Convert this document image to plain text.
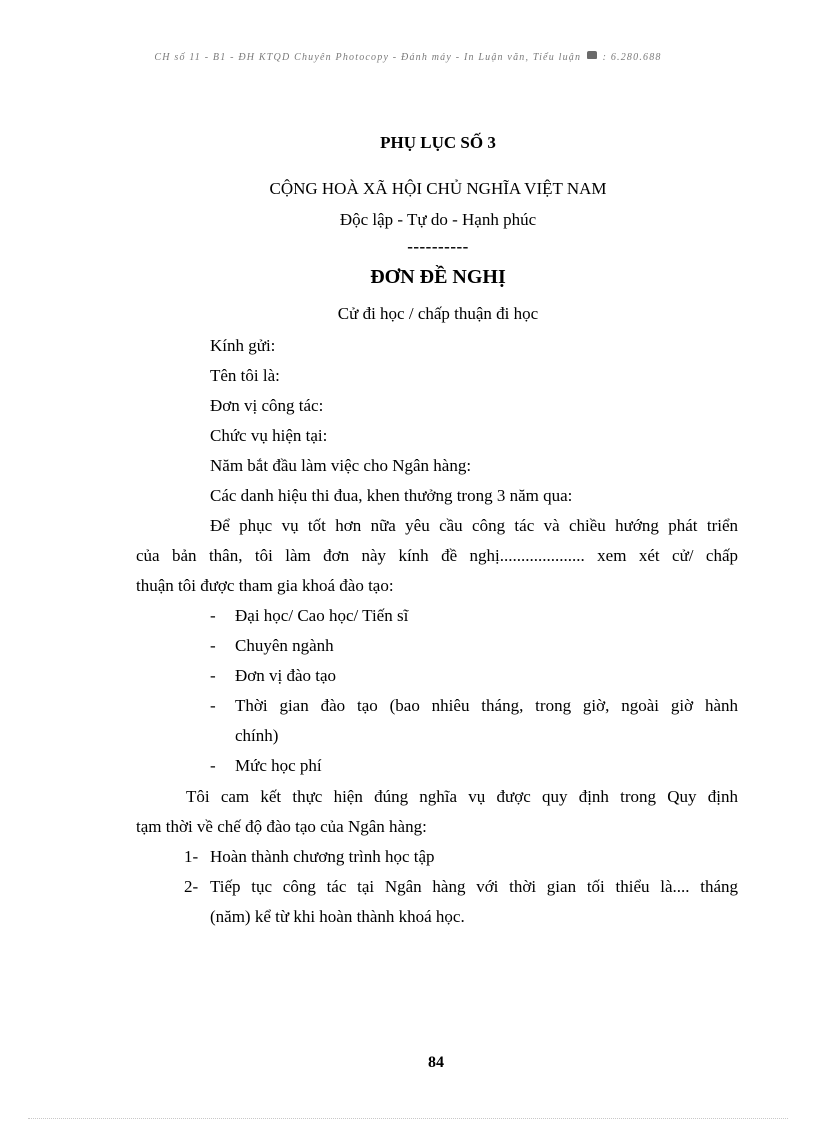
CH số 11 - B1 - ĐH KTQD Chuyên Photocopy - Đánh máy - In Luận văn, Tiểu luận : 6.280.688
PHỤ LỤC SỐ 3
CỘNG HOÀ XÃ HỘI CHỦ NGHĨA VIỆT NAM
Độc lập - Tự do - Hạnh phúc
----------
ĐƠN ĐỀ NGHỊ
Cử đi học / chấp thuận đi học
Kính gửi:
Tên tôi là:
Đơn vị công tác:
Chức vụ hiện tại:
Năm bắt đầu làm việc cho Ngân hàng:
Các danh hiệu thi đua, khen thưởng trong 3 năm qua:
Để phục vụ tốt hơn nữa yêu cầu công tác và chiều hướng phát triển
của bản thân, tôi làm đơn này kính đề nghị.................... xem xét cử/ chấp
thuận tôi được tham gia khoá đào tạo:
- Đại học/ Cao học/ Tiến sĩ
- Chuyên ngành
- Đơn vị đào tạo
- Thời gian đào tạo (bao nhiêu tháng, trong giờ, ngoài giờ hành
chính)
- Mức học phí
Tôi cam kết thực hiện đúng nghĩa vụ được quy định trong Quy định
tạm thời về chế độ đào tạo của Ngân hàng:
1- Hoàn thành chương trình học tập
2- Tiếp tục công tác tại Ngân hàng với thời gian tối thiểu là.... tháng
(năm) kể từ khi hoàn thành khoá học.
84
